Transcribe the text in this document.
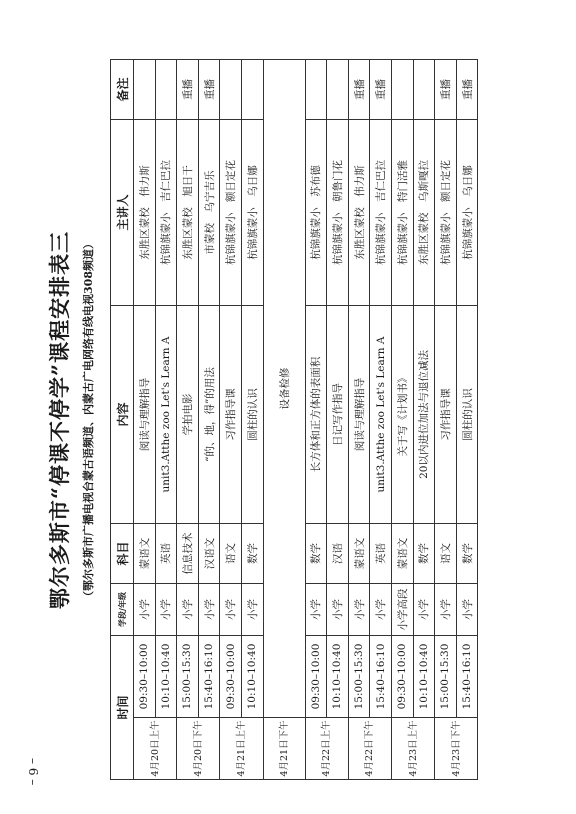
鄂尔多斯市“停课不停学”课程安排表三 （鄂尔多斯市广播电视台蒙古语频道、内蒙古广电网络有线电视308频道）
时间		学段/年级	科目	内容	主讲人	备注
4月20日上午	09:30–10:00	小学	蒙语文	阅读与理解指导	东胜区蒙校　伟力斯	
	10:10–10:40	小学	英语	unit3.Atthe zoo Let's Learn A	杭锦旗蒙小　吉仁巴拉	
4月20日下午	15:00–15:30	小学	信息技术	学拍电影	东胜区蒙校　旭日干	重播
	15:40–16:10	小学	汉语文	“的、地，得”的用法	市蒙校　乌宁吉乐	重播
4月21日上午	09:30–10:00	小学	语文	习作指导课	杭锦旗蒙小　额日定花	
	10:10–10:40	小学	数学	圆柱的认识	杭锦旗蒙小　乌日娜	
4月21日下午	设备检修					
4月22日上午	09:30–10:00	小学	数学	长方体和正方体的表面积	杭锦旗蒙小　苏布德	
	10:10–10:40	小学	汉语	日记写作指导	杭锦旗蒙小　朝鲁门花	
4月22日下午	15:00–15:30	小学	蒙语文	阅读与理解指导	东胜区蒙校　伟力斯	重播
	15:40–16:10	小学	英语	unit3.Atthe zoo Let's Learn A	杭锦旗蒙小　吉仁巴拉	重播
4月23日上午	09:30–10:00	小学高段	蒙语文	关于写《计划书》	杭锦旗蒙小　特门活雅	
	10:10–10:40	小学	数学	20以内进位加法与退位减法	东胜区蒙校　乌斯嘎拉	
4月23日下午	15:00–15:30	小学	语文	习作指导课	杭锦旗蒙小　额日定花	重播
	15:40–16:10	小学	数学	圆柱的认识	杭锦旗蒙小　乌日娜	重播
– 6 –
